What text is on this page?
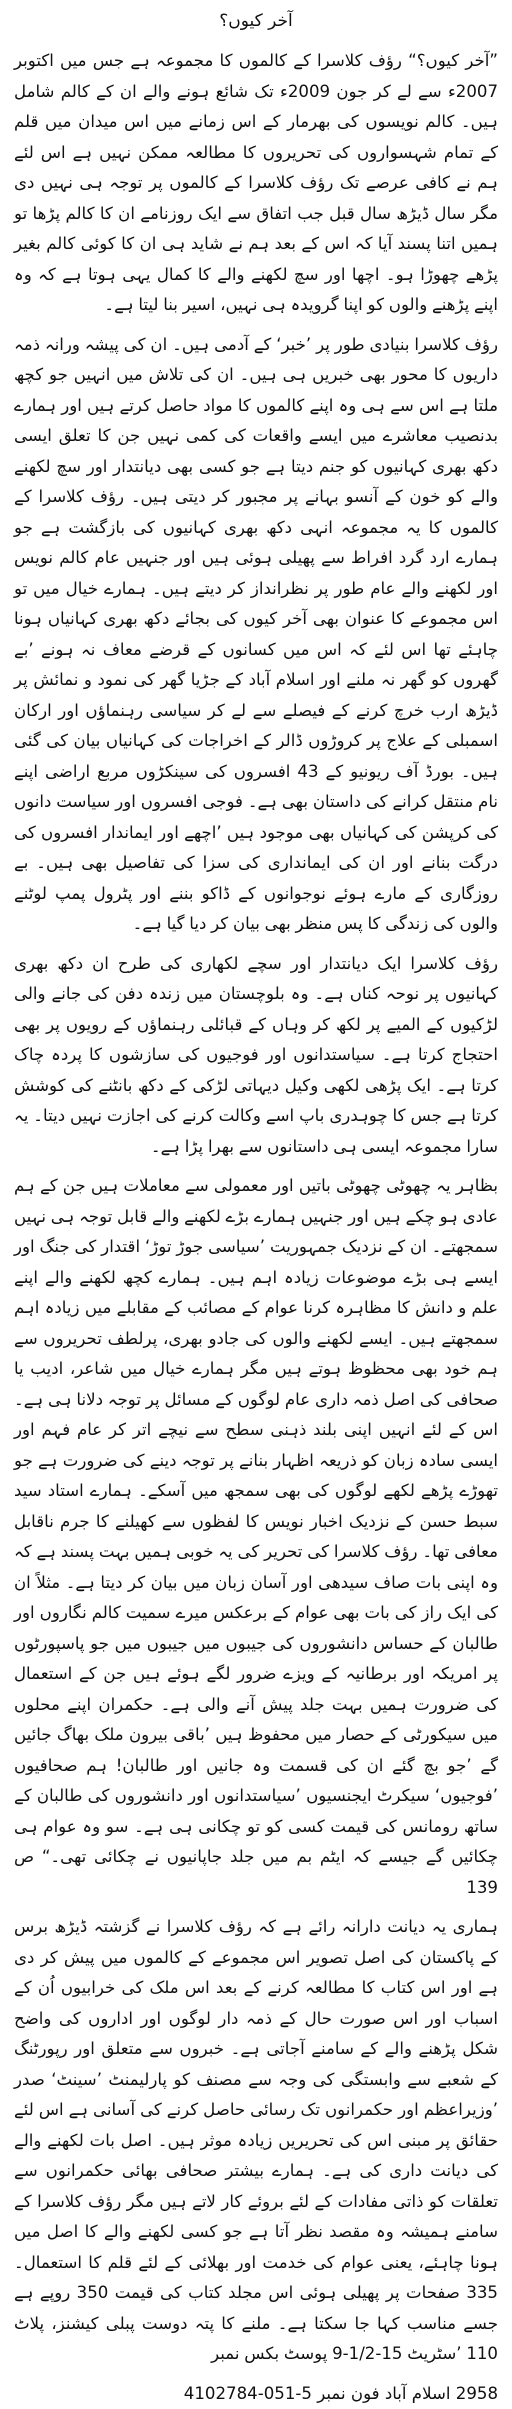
آخر کیوں؟

”آخر کیوں؟“ رؤف کلاسرا کے کالموں کا مجموعہ ہے جس میں اکتوبر 2007ء سے لے کر جون 2009ء تک شائع ہونے والے ان کے کالم شامل ہیں۔ کالم نویسوں کی بھرمار کے اس زمانے میں اس میدان میں قلم کے تمام شہسواروں کی تحریروں کا مطالعہ ممکن نہیں ہے اس لئے ہم نے کافی عرصے تک رؤف کلاسرا کے کالموں پر توجہ ہی نہیں دی مگر سال ڈیڑھ سال قبل جب اتفاق سے ایک روزنامے ان کا کالم پڑھا تو ہمیں اتنا پسند آیا کہ اس کے بعد ہم نے شاید ہی ان کا کوئی کالم بغیر پڑھے چھوڑا ہو۔ اچھا اور سچ لکھنے والے کا کمال یہی ہوتا ہے کہ وہ اپنے پڑھنے والوں کو اپنا گرویدہ ہی نہیں، اسیر بنا لیتا ہے۔

رؤف کلاسرا بنیادی طور پر ’خبر‘ کے آدمی ہیں۔ ان کی پیشہ ورانہ ذمہ داریوں کا محور بھی خبریں ہی ہیں۔ ان کی تلاش میں انہیں جو کچھ ملتا ہے اس سے ہی وہ اپنے کالموں کا مواد حاصل کرتے ہیں اور ہمارے بدنصیب معاشرے میں ایسے واقعات کی کمی نہیں جن کا تعلق ایسی دکھ بھری کہانیوں کو جنم دیتا ہے جو کسی بھی دیانتدار اور سچ لکھنے والے کو خون کے آنسو بہانے پر مجبور کر دیتی ہیں۔ رؤف کلاسرا کے کالموں کا یہ مجموعہ انہی دکھ بھری کہانیوں کی بازگشت ہے جو ہمارے ارد گرد افراط سے پھیلی ہوئی ہیں اور جنہیں عام کالم نویس اور لکھنے والے عام طور پر نظرانداز کر دیتے ہیں۔ ہمارے خیال میں تو اس مجموعے کا عنوان بھی آخر کیوں کی بجائے دکھ بھری کہانیاں ہونا چاہئے تھا اس لئے کہ اس میں کسانوں کے قرضے معاف نہ ہونے ’بے گھروں کو گھر نہ ملنے اور اسلام آباد کے جڑیا گھر کی نمود و نمائش پر ڈیڑھ ارب خرچ کرنے کے فیصلے سے لے کر سیاسی رہنماؤں اور ارکان اسمبلی کے علاج پر کروڑوں ڈالر کے اخراجات کی کہانیاں بیان کی گئی ہیں۔ بورڈ آف ریونیو کے 43 افسروں کی سینکڑوں مربع اراضی اپنے نام منتقل کرانے کی داستان بھی ہے۔ فوجی افسروں اور سیاست دانوں کی کرپشن کی کہانیاں بھی موجود ہیں ’اچھے اور ایماندار افسروں کی درگت بنانے اور ان کی ایمانداری کی سزا کی تفاصیل بھی ہیں۔ بے روزگاری کے مارے ہوئے نوجوانوں کے ڈاکو بننے اور پٹرول پمپ لوٹنے والوں کی زندگی کا پس منظر بھی بیان کر دیا گیا ہے۔

رؤف کلاسرا ایک دیانتدار اور سچے لکھاری کی طرح ان دکھ بھری کہانیوں پر نوحہ کناں ہے۔ وہ بلوچستان میں زندہ دفن کی جانے والی لڑکیوں کے المیے پر لکھ کر وہاں کے قبائلی رہنماؤں کے رویوں پر بھی احتجاج کرتا ہے۔ سیاستدانوں اور فوجیوں کی سازشوں کا پردہ چاک کرتا ہے۔ ایک پڑھی لکھی وکیل دیہاتی لڑکی کے دکھ بانٹنے کی کوشش کرتا ہے جس کا چوہدری باپ اسے وکالت کرنے کی اجازت نہیں دیتا۔ یہ سارا مجموعہ ایسی ہی داستانوں سے بھرا پڑا ہے۔

بظاہر یہ چھوٹی چھوٹی باتیں اور معمولی سے معاملات ہیں جن کے ہم عادی ہو چکے ہیں اور جنہیں ہمارے بڑے لکھنے والے قابل توجہ ہی نہیں سمجھتے۔ ان کے نزدیک جمہوریت ’سیاسی جوڑ توڑ‘ اقتدار کی جنگ اور ایسے ہی بڑے موضوعات زیادہ اہم ہیں۔ ہمارے کچھ لکھنے والے اپنے علم و دانش کا مظاہرہ کرنا عوام کے مصائب کے مقابلے میں زیادہ اہم سمجھتے ہیں۔ ایسے لکھنے والوں کی جادو بھری، پرلطف تحریروں سے ہم خود بھی محظوظ ہوتے ہیں مگر ہمارے خیال میں شاعر، ادیب یا صحافی کی اصل ذمہ داری عام لوگوں کے مسائل پر توجہ دلانا ہی ہے۔ اس کے لئے انہیں اپنی بلند ذہنی سطح سے نیچے اتر کر عام فہم اور ایسی سادہ زبان کو ذریعہ اظہار بنانے پر توجہ دینے کی ضرورت ہے جو تھوڑے پڑھے لکھے لوگوں کی بھی سمجھ میں آسکے۔ ہمارے استاد سید سبط حسن کے نزدیک اخبار نویس کا لفظوں سے کھیلنے کا جرم ناقابل معافی تھا۔ رؤف کلاسرا کی تحریر کی یہ خوبی ہمیں بہت پسند ہے کہ وہ اپنی بات صاف سیدھی اور آسان زبان میں بیان کر دیتا ہے۔ مثلاً ان کی ایک راز کی بات بھی عوام کے برعکس میرے سمیت کالم نگاروں اور طالبان کے حساس دانشوروں کی جیبوں میں جیبوں میں جو پاسپورٹوں پر امریکہ اور برطانیہ کے ویزے ضرور لگے ہوئے ہیں جن کے استعمال کی ضرورت ہمیں بہت جلد پیش آنے والی ہے۔ حکمران اپنے محلوں میں سیکورٹی کے حصار میں محفوظ ہیں ’باقی بیرون ملک بھاگ جائیں گے ’جو بچ گئے ان کی قسمت وہ جانیں اور طالبان! ہم صحافیوں ’فوجیوں‘ سیکرٹ ایجنسیوں ’سیاستدانوں اور دانشوروں کی طالبان کے ساتھ رومانس کی قیمت کسی کو تو چکانی ہی ہے۔ سو وہ عوام ہی چکائیں گے جیسے کہ ایٹم بم میں جلد جاپانیوں نے چکائی تھی۔“ ص 139

ہماری یہ دیانت دارانہ رائے ہے کہ رؤف کلاسرا نے گزشتہ ڈیڑھ برس کے پاکستان کی اصل تصویر اس مجموعے کے کالموں میں پیش کر دی ہے اور اس کتاب کا مطالعہ کرنے کے بعد اس ملک کی خرابیوں اُن کے اسباب اور اس صورت حال کے ذمہ دار لوگوں اور اداروں کی واضح شکل پڑھنے والے کے سامنے آجاتی ہے۔ خبروں سے متعلق اور رپورٹنگ کے شعبے سے وابستگی کی وجہ سے مصنف کو پارلیمنٹ ’سینٹ‘ صدر ’وزیراعظم اور حکمرانوں تک رسائی حاصل کرنے کی آسانی ہے اس لئے حقائق پر مبنی اس کی تحریریں زیادہ موثر ہیں۔ اصل بات لکھنے والے کی دیانت داری کی ہے۔ ہمارے بیشتر صحافی بھائی حکمرانوں سے تعلقات کو ذاتی مفادات کے لئے بروئے کار لاتے ہیں مگر رؤف کلاسرا کے سامنے ہمیشہ وہ مقصد نظر آتا ہے جو کسی لکھنے والے کا اصل میں ہونا چاہئے، یعنی عوام کی خدمت اور بھلائی کے لئے قلم کا استعمال۔ 335 صفحات پر پھیلی ہوئی اس مجلد کتاب کی قیمت 350 روپے ہے جسے مناسب کہا جا سکتا ہے۔ ملنے کا پتہ دوست پبلی کیشنز، پلاٹ 110 ’سٹریٹ 15-1/2-9 پوسٹ بکس نمبر

2958 اسلام آباد فون نمبر 5-051-4102784
